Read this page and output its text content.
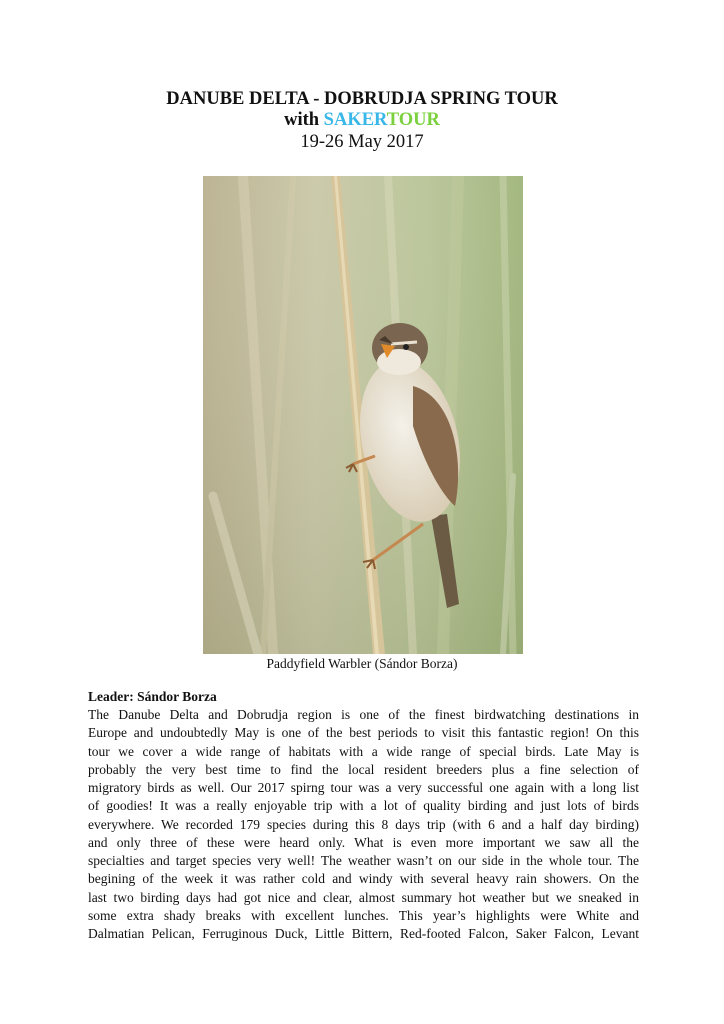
DANUBE DELTA - DOBRUDJA SPRING TOUR
with SAKERTOUR
19-26 May 2017
Paddyfield Warbler (Sándor Borza)
Leader: Sándor Borza
The Danube Delta and Dobrudja region is one of the finest birdwatching destinations in
Europe and undoubtedly May is one of the best periods to visit this fantastic region! On this
tour we cover a wide range of habitats with a wide range of special birds. Late May is
probably the very best time to find the local resident breeders plus a fine selection of
migratory birds as well. Our 2017 spirng tour was a very successful one again with a long list
of goodies! It was a really enjoyable trip with a lot of quality birding and just lots of birds
everywhere. We recorded 179 species during this 8 days trip (with 6 and a half day birding)
and only three of these were heard only. What is even more important we saw all the
specialties and target species very well! The weather wasn’t on our side in the whole tour. The
begining of the week it was rather cold and windy with several heavy rain showers. On the
last two birding days had got nice and clear, almost summary hot weather but we sneaked in
some extra shady breaks with excellent lunches. This year’s highlights were White and
Dalmatian Pelican, Ferruginous Duck, Little Bittern, Red-footed Falcon, Saker Falcon, Levant
